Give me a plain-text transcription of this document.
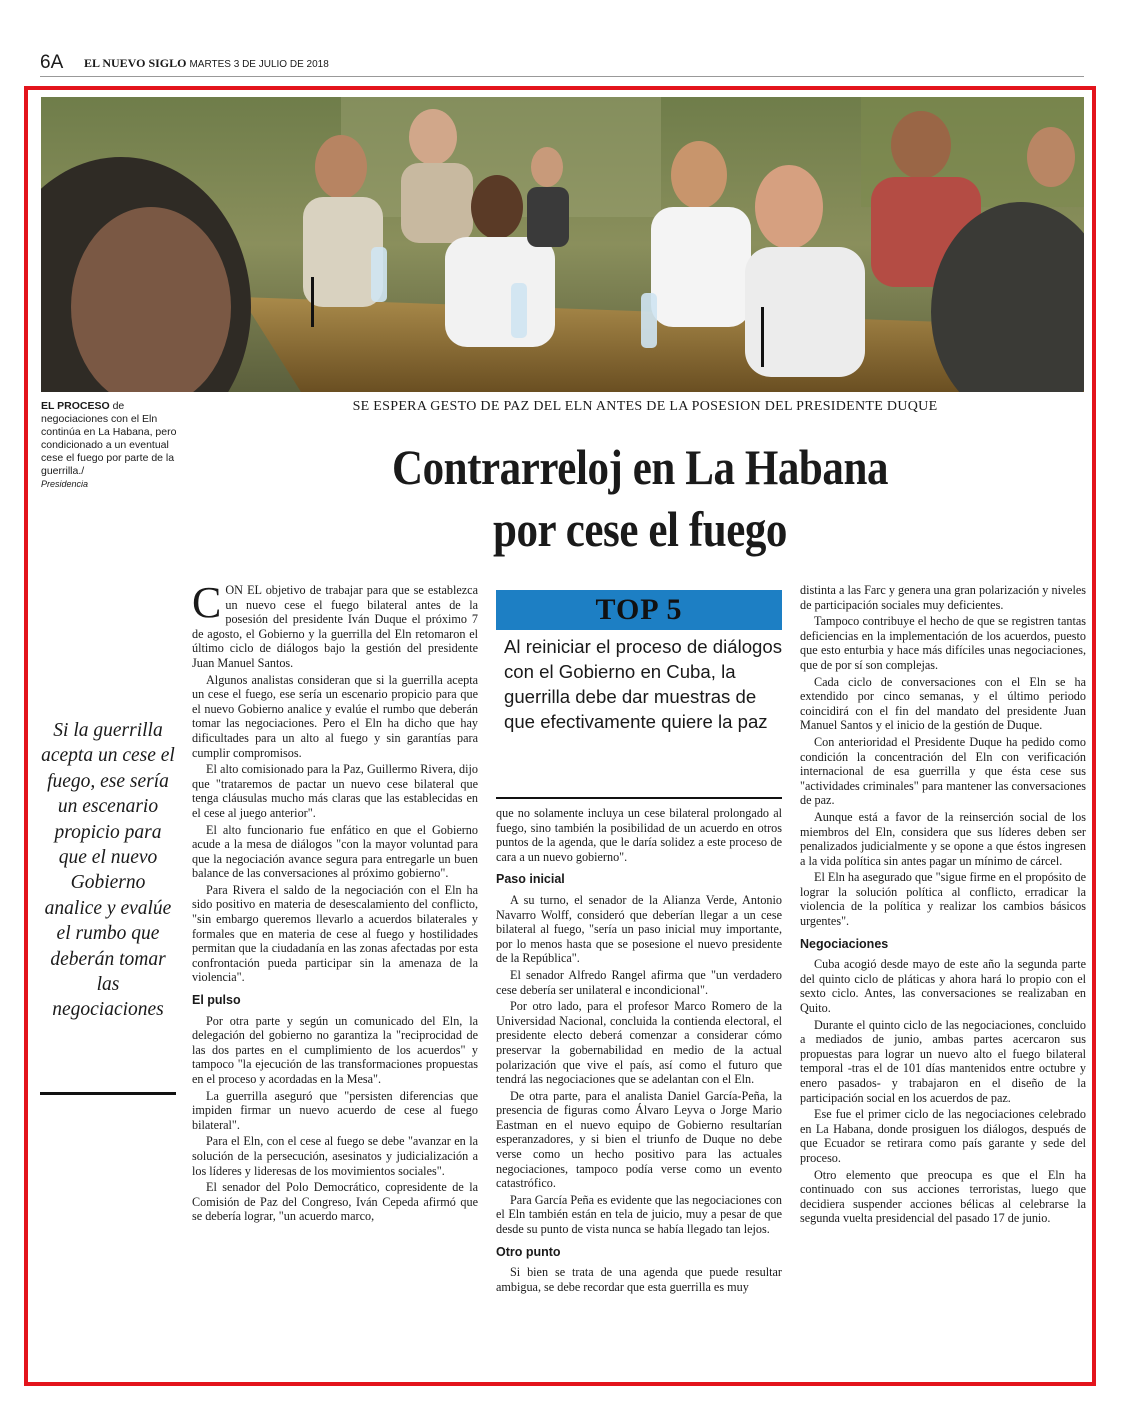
6A EL NUEVO SIGLO MARTES 3 DE JULIO DE 2018
EL PROCESO de negociaciones con el Eln continúa en La Habana, pero condicionado a un eventual cese el fuego por parte de la guerrilla./
Presidencia
SE ESPERA GESTO DE PAZ DEL ELN ANTES DE LA POSESION DEL PRESIDENTE DUQUE
Contrarreloj en La Habana
por cese el fuego
Si la guerrilla acepta un cese el fuego, ese sería un escenario propicio para que el nuevo Gobierno analice y evalúe el rumbo que deberán tomar las negociaciones

CON EL objetivo de trabajar para que se establezca un nuevo cese el fuego bilateral antes de la posesión del presidente Iván Duque el próximo 7 de agosto, el Gobierno y la guerrilla del Eln retomaron el último ciclo de diálogos bajo la gestión del presidente Juan Manuel Santos.

Algunos analistas consideran que si la guerrilla acepta un cese el fuego, ese sería un escenario propicio para que el nuevo Gobierno analice y evalúe el rumbo que deberán tomar las negociaciones. Pero el Eln ha dicho que hay dificultades para un alto al fuego y sin garantías para cumplir compromisos.

El alto comisionado para la Paz, Guillermo Rivera, dijo que "trataremos de pactar un nuevo cese bilateral que tenga cláusulas mucho más claras que las establecidas en el cese al juego anterior".

El alto funcionario fue enfático en que el Gobierno acude a la mesa de diálogos "con la mayor voluntad para que la negociación avance segura para entregarle un buen balance de las conversaciones al próximo gobierno".

Para Rivera el saldo de la negociación con el Eln ha sido positivo en materia de desescalamiento del conflicto, "sin embargo queremos llevarlo a acuerdos bilaterales y formales que en materia de cese al fuego y hostilidades permitan que la ciudadanía en las zonas afectadas por esta confrontación pueda participar sin la amenaza de la violencia".

El pulso

Por otra parte y según un comunicado del Eln, la delegación del gobierno no garantiza la "reciprocidad de las dos partes en el cumplimiento de los acuerdos" y tampoco "la ejecución de las transformaciones propuestas en el proceso y acordadas en la Mesa".

La guerrilla aseguró que "persisten diferencias que impiden firmar un nuevo acuerdo de cese al fuego bilateral".

Para el Eln, con el cese al fuego se debe "avanzar en la solución de la persecución, asesinatos y judicialización a los líderes y lideresas de los movimientos sociales".

El senador del Polo Democrático, copresidente de la Comisión de Paz del Congreso, Iván Cepeda afirmó que se debería lograr, "un acuerdo marco,

TOP 5
Al reiniciar el proceso de diálogos con el Gobierno en Cuba, la guerrilla debe dar muestras de que efectivamente quiere la paz

que no solamente incluya un cese bilateral prolongado al fuego, sino también la posibilidad de un acuerdo en otros puntos de la agenda, que le daría solidez a este proceso de cara a un nuevo gobierno".

Paso inicial

A su turno, el senador de la Alianza Verde, Antonio Navarro Wolff, consideró que deberían llegar a un cese bilateral al fuego, "sería un paso inicial muy importante, por lo menos hasta que se posesione el nuevo presidente de la República".

El senador Alfredo Rangel afirma que "un verdadero cese debería ser unilateral e incondicional".

Por otro lado, para el profesor Marco Romero de la Universidad Nacional, concluida la contienda electoral, el presidente electo deberá comenzar a considerar cómo preservar la gobernabilidad en medio de la actual polarización que vive el país, así como el futuro que tendrá las negociaciones que se adelantan con el Eln.

De otra parte, para el analista Daniel García-Peña, la presencia de figuras como Álvaro Leyva o Jorge Mario Eastman en el nuevo equipo de Gobierno resultarían esperanzadores, y si bien el triunfo de Duque no debe verse como un hecho positivo para las actuales negociaciones, tampoco podía verse como un evento catastrófico.

Para García Peña es evidente que las negociaciones con el Eln también están en tela de juicio, muy a pesar de que desde su punto de vista nunca se había llegado tan lejos.

Otro punto

Si bien se trata de una agenda que puede resultar ambigua, se debe recordar que esta guerrilla es muy

distinta a las Farc y genera una gran polarización y niveles de participación sociales muy deficientes.

Tampoco contribuye el hecho de que se registren tantas deficiencias en la implementación de los acuerdos, puesto que esto enturbia y hace más difíciles unas negociaciones, que de por sí son complejas.

Cada ciclo de conversaciones con el Eln se ha extendido por cinco semanas, y el último periodo coincidirá con el fin del mandato del presidente Juan Manuel Santos y el inicio de la gestión de Duque.

Con anterioridad el Presidente Duque ha pedido como condición la concentración del Eln con verificación internacional de esa guerrilla y que ésta cese sus "actividades criminales" para mantener las conversaciones de paz.

Aunque está a favor de la reinserción social de los miembros del Eln, considera que sus líderes deben ser penalizados judicialmente y se opone a que éstos ingresen a la vida política sin antes pagar un mínimo de cárcel.

El Eln ha asegurado que "sigue firme en el propósito de lograr la solución política al conflicto, erradicar la violencia de la política y realizar los cambios básicos urgentes".

Negociaciones

Cuba acogió desde mayo de este año la segunda parte del quinto ciclo de pláticas y ahora hará lo propio con el sexto ciclo. Antes, las conversaciones se realizaban en Quito.

Durante el quinto ciclo de las negociaciones, concluido a mediados de junio, ambas partes acercaron sus propuestas para lograr un nuevo alto el fuego bilateral temporal -tras el de 101 días mantenidos entre octubre y enero pasados- y trabajaron en el diseño de la participación social en los acuerdos de paz.

Ese fue el primer ciclo de las negociaciones celebrado en La Habana, donde prosiguen los diálogos, después de que Ecuador se retirara como país garante y sede del proceso.

Otro elemento que preocupa es que el Eln ha continuado con sus acciones terroristas, luego que decidiera suspender acciones bélicas al celebrarse la segunda vuelta presidencial del pasado 17 de junio.
